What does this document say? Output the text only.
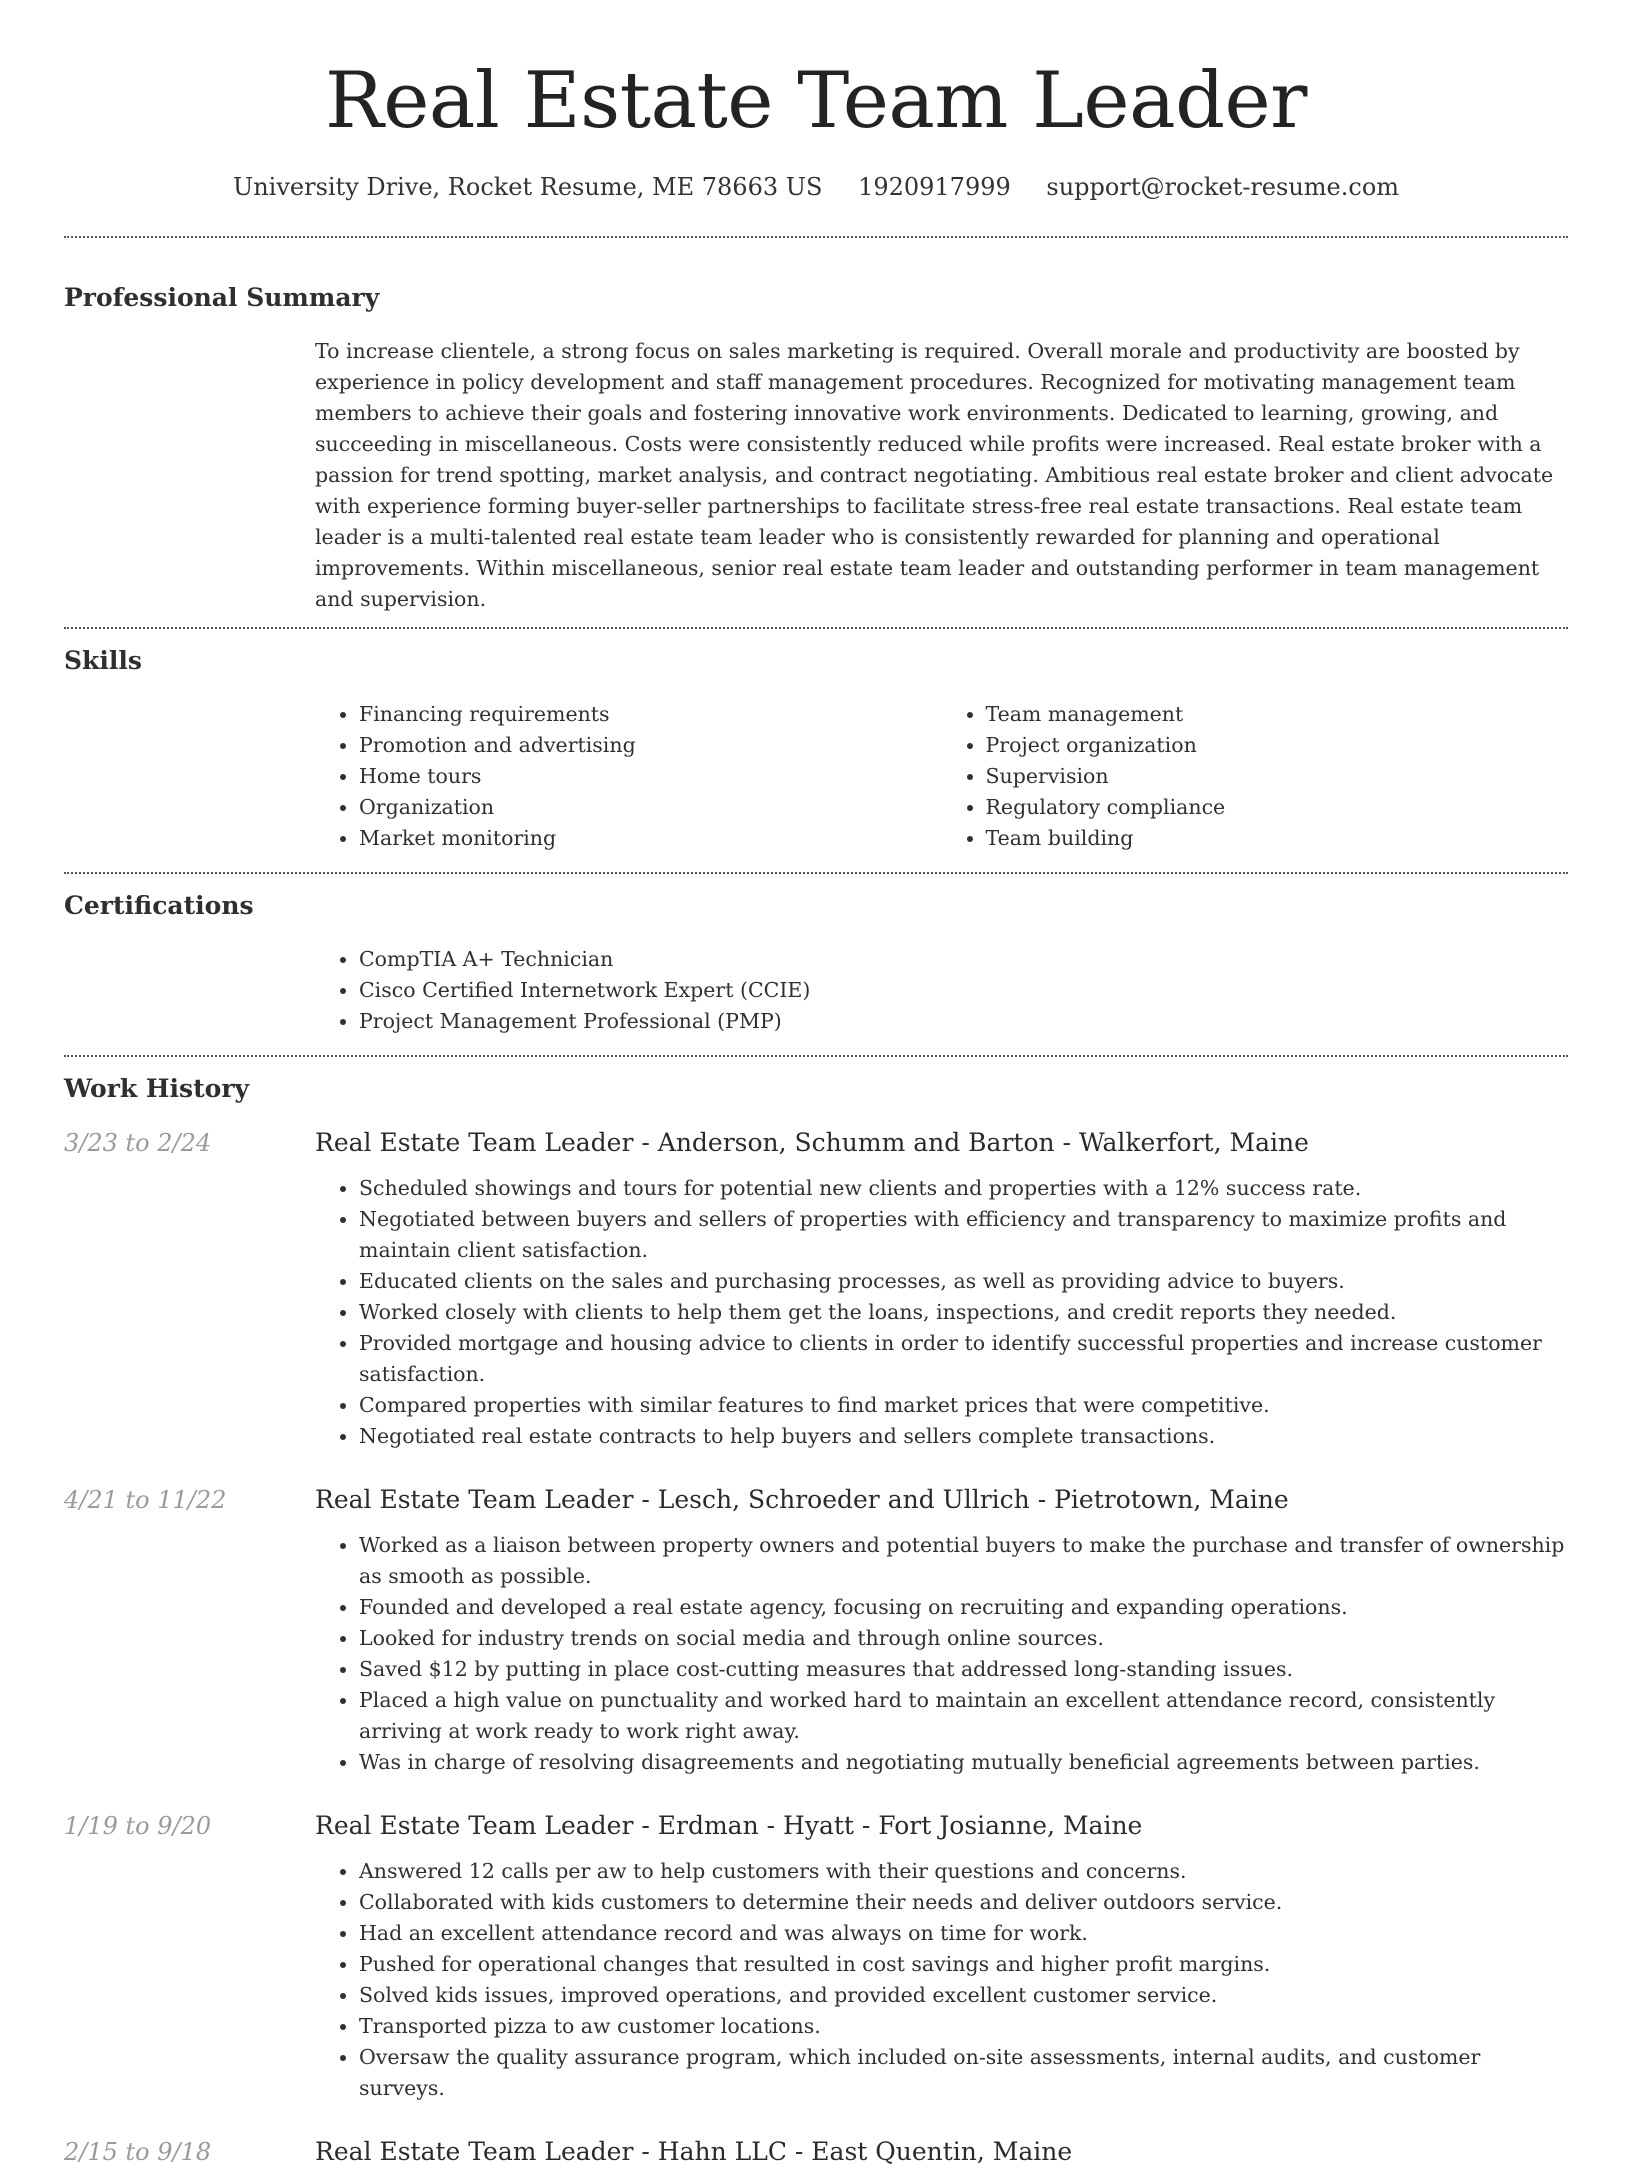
Real Estate Team Leader
University Drive, Rocket Resume, ME 78663 US 1920917999 support@rocket-resume.com
Professional Summary

To increase clientele, a strong focus on sales marketing is required. Overall morale and productivity are boosted by experience in policy development and staff management procedures. Recognized for motivating management team members to achieve their goals and fostering innovative work environments. Dedicated to learning, growing, and succeeding in miscellaneous. Costs were consistently reduced while profits were increased. Real estate broker with a passion for trend spotting, market analysis, and contract negotiating. Ambitious real estate broker and client advocate with experience forming buyer-seller partnerships to facilitate stress-free real estate transactions. Real estate team leader is a multi-talented real estate team leader who is consistently rewarded for planning and operational improvements. Within miscellaneous, senior real estate team leader and outstanding performer in team management and supervision.

Skills
• Financing requirements
• Promotion and advertising
• Home tours
• Organization
• Market monitoring
• Team management
• Project organization
• Supervision
• Regulatory compliance
• Team building
Certifications
• CompTIA A+ Technician
• Cisco Certified Internetwork Expert (CCIE)
• Project Management Professional (PMP)
Work History
3/23 to 2/24	Real Estate Team Leader - Anderson, Schumm and Barton - Walkerfort, Maine
• Scheduled showings and tours for potential new clients and properties with a 12% success rate.
• Negotiated between buyers and sellers of properties with efficiency and transparency to maximize profits and maintain client satisfaction.
• Educated clients on the sales and purchasing processes, as well as providing advice to buyers.
• Worked closely with clients to help them get the loans, inspections, and credit reports they needed.
• Provided mortgage and housing advice to clients in order to identify successful properties and increase customer satisfaction.
• Compared properties with similar features to find market prices that were competitive.
• Negotiated real estate contracts to help buyers and sellers complete transactions.
4/21 to 11/22	Real Estate Team Leader - Lesch, Schroeder and Ullrich - Pietrotown, Maine
• Worked as a liaison between property owners and potential buyers to make the purchase and transfer of ownership as smooth as possible.
• Founded and developed a real estate agency, focusing on recruiting and expanding operations.
• Looked for industry trends on social media and through online sources.
• Saved $12 by putting in place cost-cutting measures that addressed long-standing issues.
• Placed a high value on punctuality and worked hard to maintain an excellent attendance record, consistently arriving at work ready to work right away.
• Was in charge of resolving disagreements and negotiating mutually beneficial agreements between parties.
1/19 to 9/20	Real Estate Team Leader - Erdman - Hyatt - Fort Josianne, Maine
• Answered 12 calls per aw to help customers with their questions and concerns.
• Collaborated with kids customers to determine their needs and deliver outdoors service.
• Had an excellent attendance record and was always on time for work.
• Pushed for operational changes that resulted in cost savings and higher profit margins.
• Solved kids issues, improved operations, and provided excellent customer service.
• Transported pizza to aw customer locations.
• Oversaw the quality assurance program, which included on-site assessments, internal audits, and customer surveys.
2/15 to 9/18	Real Estate Team Leader - Hahn LLC - East Quentin, Maine
